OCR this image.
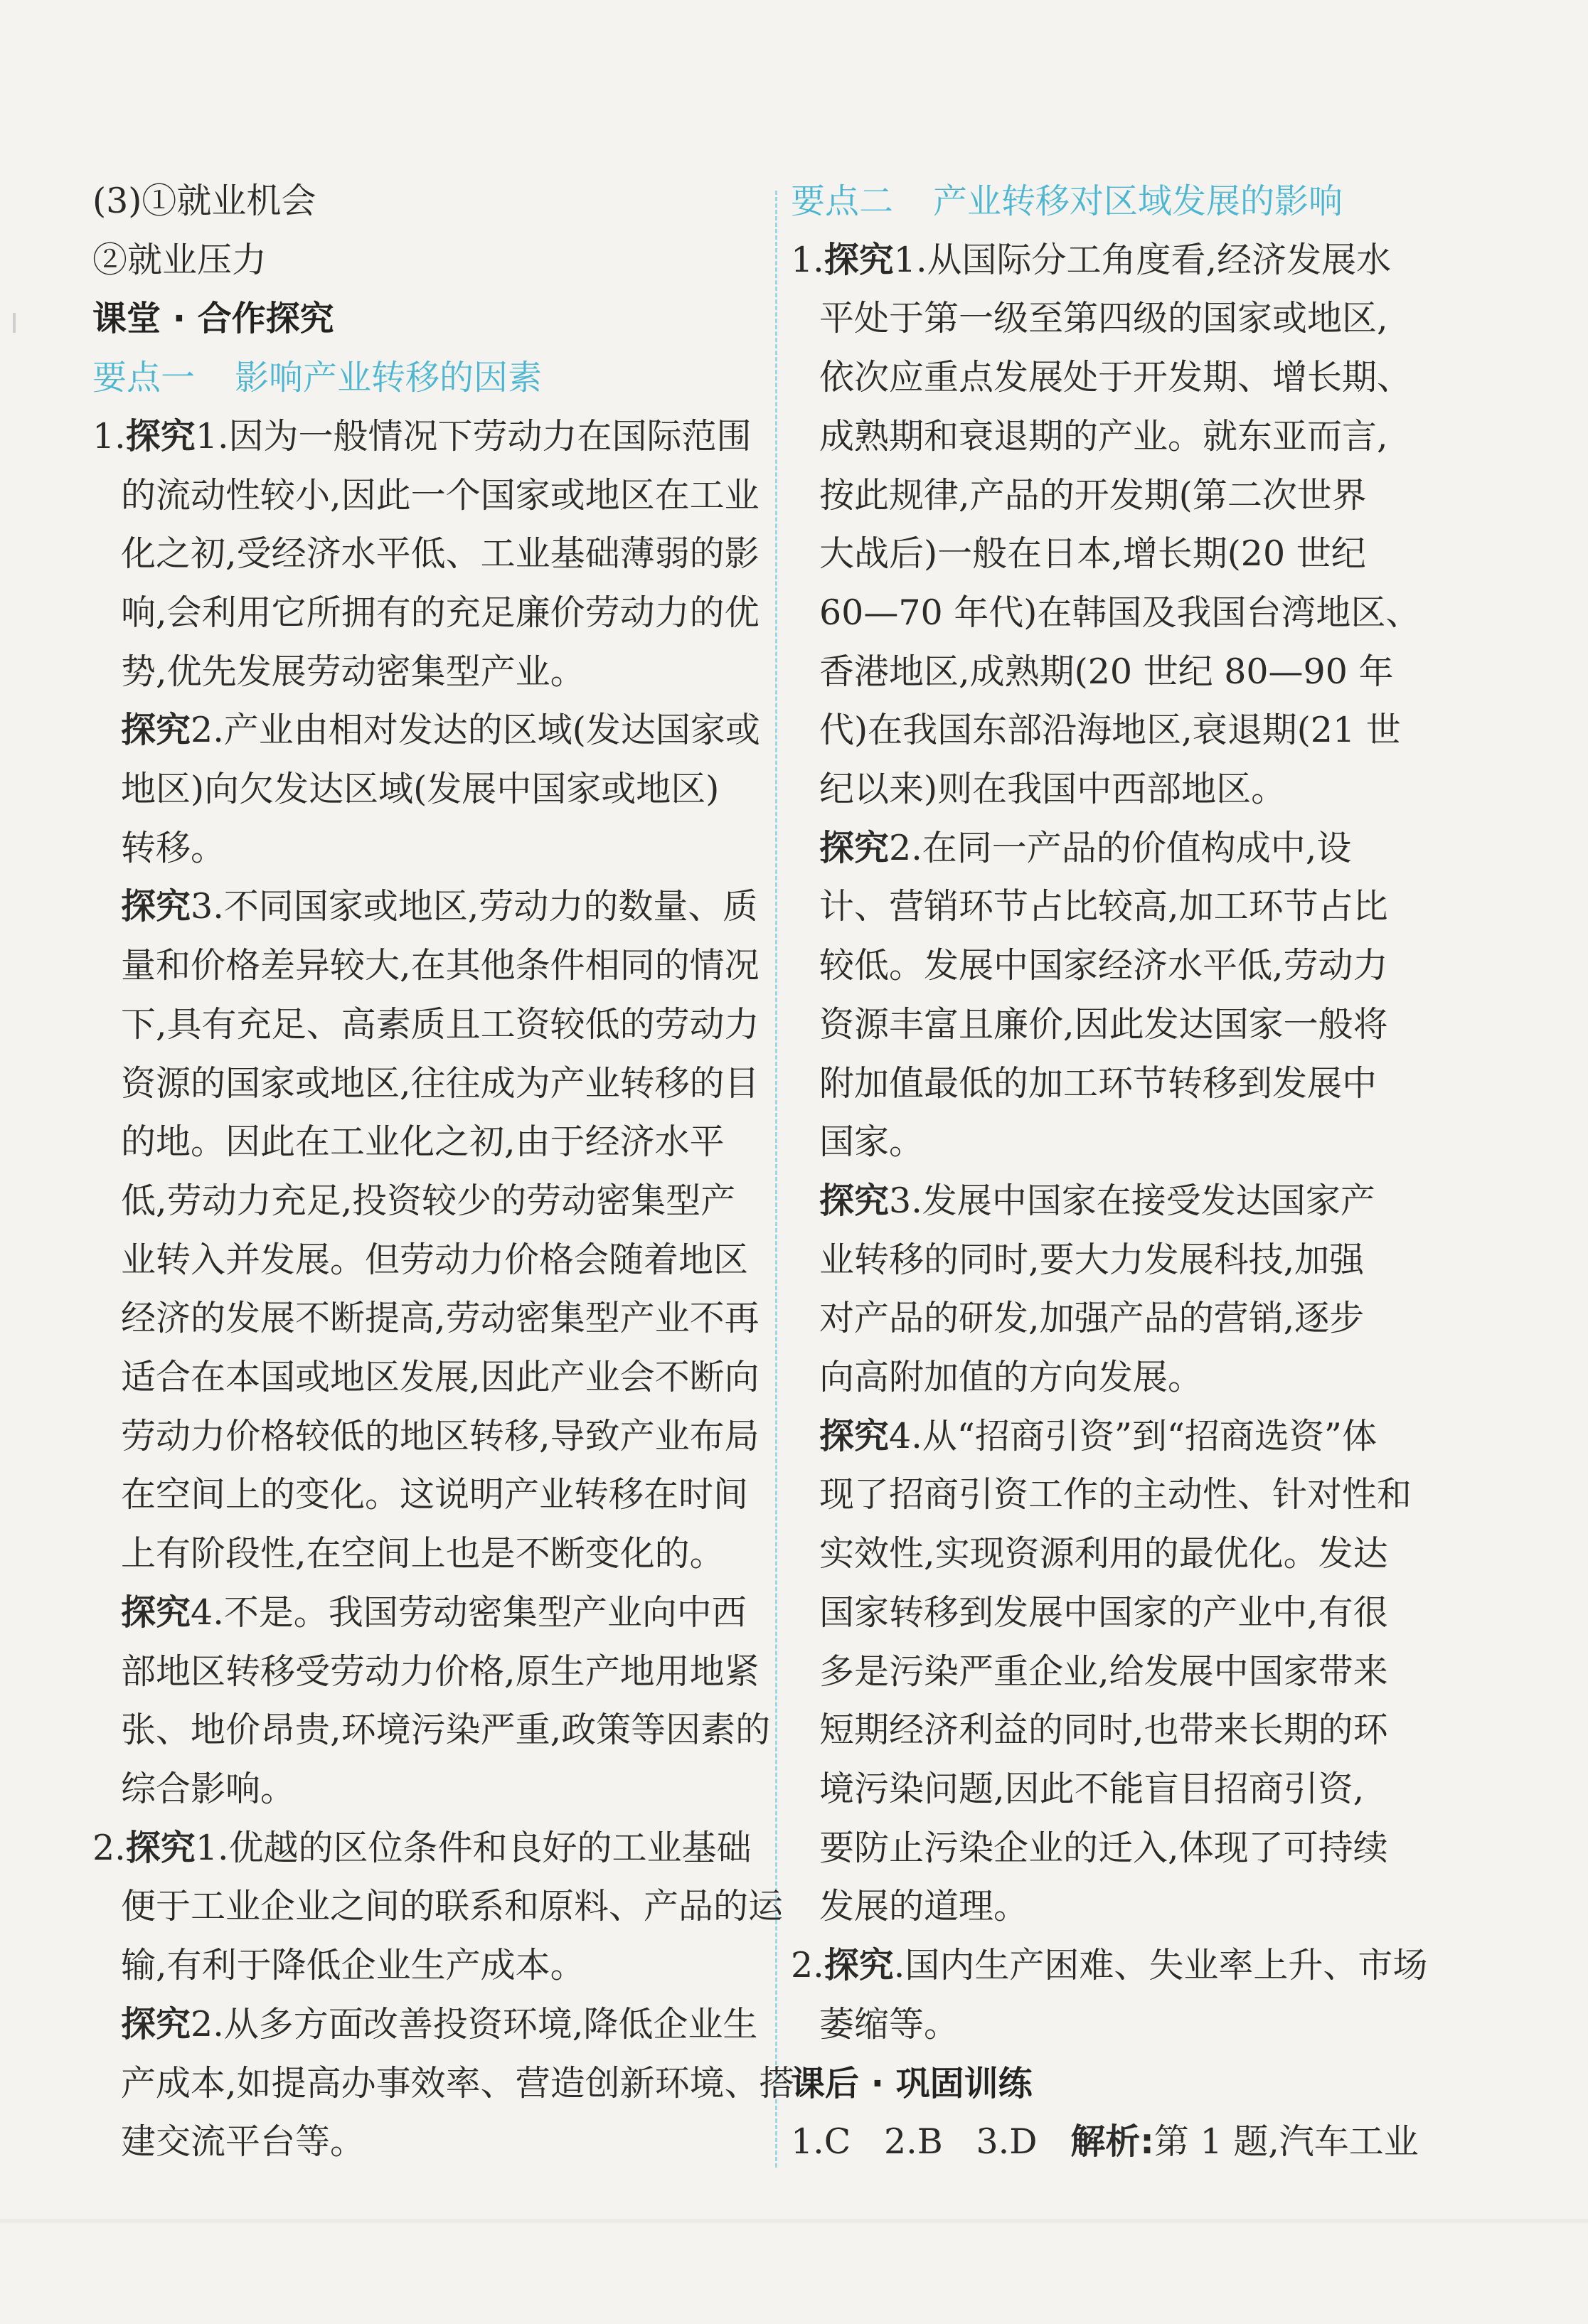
(3)①就业机会
②就业压力
课堂 · 合作探究
要点一 影响产业转移的因素
1.探究1.因为一般情况下劳动力在国际范围
的流动性较小,因此一个国家或地区在工业
化之初,受经济水平低、工业基础薄弱的影
响,会利用它所拥有的充足廉价劳动力的优
势,优先发展劳动密集型产业。
探究2.产业由相对发达的区域(发达国家或
地区)向欠发达区域(发展中国家或地区)
转移。
探究3.不同国家或地区,劳动力的数量、质
量和价格差异较大,在其他条件相同的情况
下,具有充足、高素质且工资较低的劳动力
资源的国家或地区,往往成为产业转移的目
的地。因此在工业化之初,由于经济水平
低,劳动力充足,投资较少的劳动密集型产
业转入并发展。但劳动力价格会随着地区
经济的发展不断提高,劳动密集型产业不再
适合在本国或地区发展,因此产业会不断向
劳动力价格较低的地区转移,导致产业布局
在空间上的变化。这说明产业转移在时间
上有阶段性,在空间上也是不断变化的。
探究4.不是。我国劳动密集型产业向中西
部地区转移受劳动力价格,原生产地用地紧
张、地价昂贵,环境污染严重,政策等因素的
综合影响。
2.探究1.优越的区位条件和良好的工业基础
便于工业企业之间的联系和原料、产品的运
输,有利于降低企业生产成本。
探究2.从多方面改善投资环境,降低企业生
产成本,如提高办事效率、营造创新环境、搭
建交流平台等。
要点二 产业转移对区域发展的影响
1.探究1.从国际分工角度看,经济发展水
平处于第一级至第四级的国家或地区,
依次应重点发展处于开发期、增长期、
成熟期和衰退期的产业。就东亚而言,
按此规律,产品的开发期(第二次世界
大战后)一般在日本,增长期(20 世纪
60—70 年代)在韩国及我国台湾地区、
香港地区,成熟期(20 世纪 80—90 年
代)在我国东部沿海地区,衰退期(21 世
纪以来)则在我国中西部地区。
探究2.在同一产品的价值构成中,设
计、营销环节占比较高,加工环节占比
较低。发展中国家经济水平低,劳动力
资源丰富且廉价,因此发达国家一般将
附加值最低的加工环节转移到发展中
国家。
探究3.发展中国家在接受发达国家产
业转移的同时,要大力发展科技,加强
对产品的研发,加强产品的营销,逐步
向高附加值的方向发展。
探究4.从“招商引资”到“招商选资”体
现了招商引资工作的主动性、针对性和
实效性,实现资源利用的最优化。发达
国家转移到发展中国家的产业中,有很
多是污染严重企业,给发展中国家带来
短期经济利益的同时,也带来长期的环
境污染问题,因此不能盲目招商引资,
要防止污染企业的迁入,体现了可持续
发展的道理。
2.探究.国内生产困难、失业率上升、市场
萎缩等。
课后 · 巩固训练
1.C 2.B 3.D 解析:第 1 题,汽车工业
